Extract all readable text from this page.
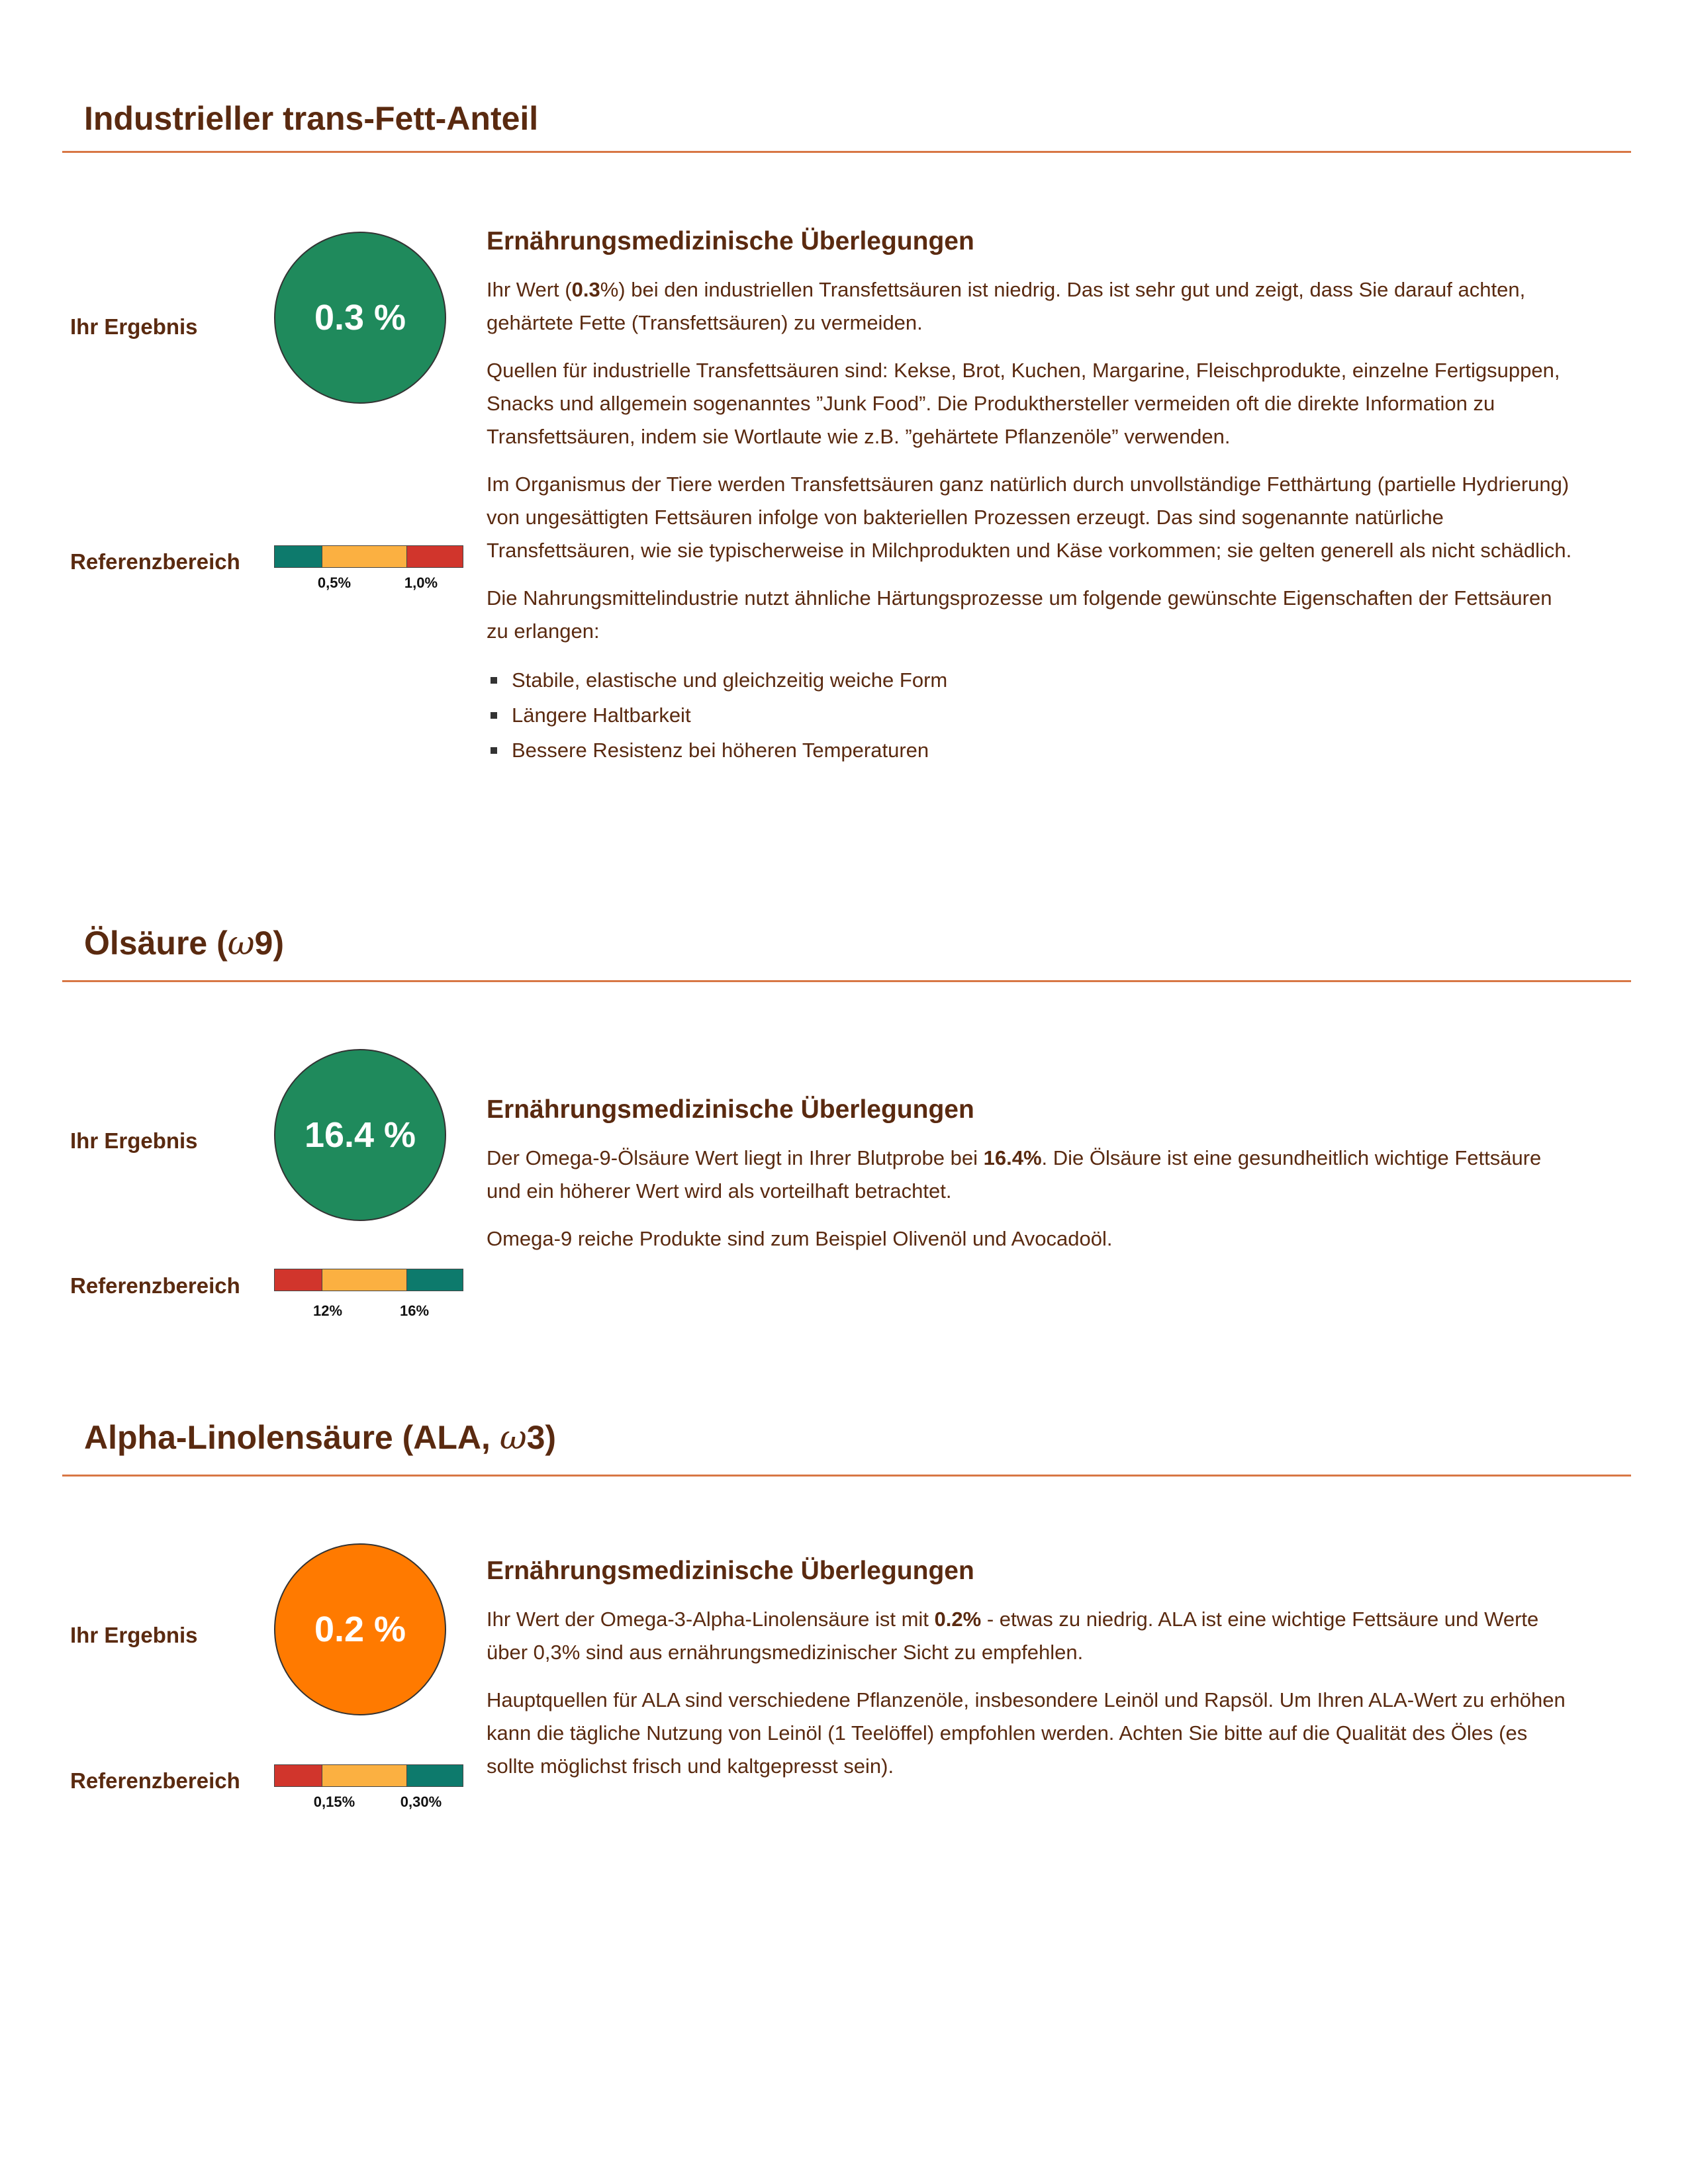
Industrieller trans-Fett-Anteil
Ihr Ergebnis	0.3 %
Referenzbereich
0,5%	1,0%
Ernährungsmedizinische Überlegungen

Ihr Wert (0.3%) bei den industriellen Transfettsäuren ist niedrig. Das ist sehr gut und zeigt, dass Sie darauf achten, gehärtete Fette (Transfettsäuren) zu vermeiden.

Quellen für industrielle Transfettsäuren sind: Kekse, Brot, Kuchen, Margarine, Fleischprodukte, einzelne Fertigsuppen, Snacks und allgemein sogenanntes ”Junk Food”. Die Produkthersteller vermeiden oft die direkte Information zu Transfettsäuren, indem sie Wortlaute wie z.B. ”gehärtete Pflanzenöle” verwenden.

Im Organismus der Tiere werden Transfettsäuren ganz natürlich durch unvollständige Fetthärtung (partielle Hydrierung) von ungesättigten Fettsäuren infolge von bakteriellen Prozessen erzeugt. Das sind sogenannte natürliche Transfettsäuren, wie sie typischerweise in Milchprodukten und Käse vorkommen; sie gelten generell als nicht schädlich.

Die Nahrungsmittelindustrie nutzt ähnliche Härtungsprozesse um folgende gewünschte Eigenschaften der Fettsäuren zu erlangen:

Stabile, elastische und gleichzeitig weiche Form
Längere Haltbarkeit
Bessere Resistenz bei höheren Temperaturen
Ölsäure (ω9)
Ihr Ergebnis	16.4 %
Referenzbereich
12%	16%
Ernährungsmedizinische Überlegungen

Der Omega-9-Ölsäure Wert liegt in Ihrer Blutprobe bei 16.4%. Die Ölsäure ist eine gesundheitlich wichtige Fettsäure und ein höherer Wert wird als vorteilhaft betrachtet.

Omega-9 reiche Produkte sind zum Beispiel Olivenöl und Avocadoöl.

Alpha-Linolensäure (ALA, ω3)
Ihr Ergebnis	0.2 %
Referenzbereich
0,15%	0,30%
Ernährungsmedizinische Überlegungen

Ihr Wert der Omega-3-Alpha-Linolensäure ist mit 0.2% - etwas zu niedrig. ALA ist eine wichtige Fettsäure und Werte über 0,3% sind aus ernährungsmedizinischer Sicht zu empfehlen.

Hauptquellen für ALA sind verschiedene Pflanzenöle, insbesondere Leinöl und Rapsöl. Um Ihren ALA-Wert zu erhöhen kann die tägliche Nutzung von Leinöl (1 Teelöffel) empfohlen werden. Achten Sie bitte auf die Qualität des Öles (es sollte möglichst frisch und kaltgepresst sein).
